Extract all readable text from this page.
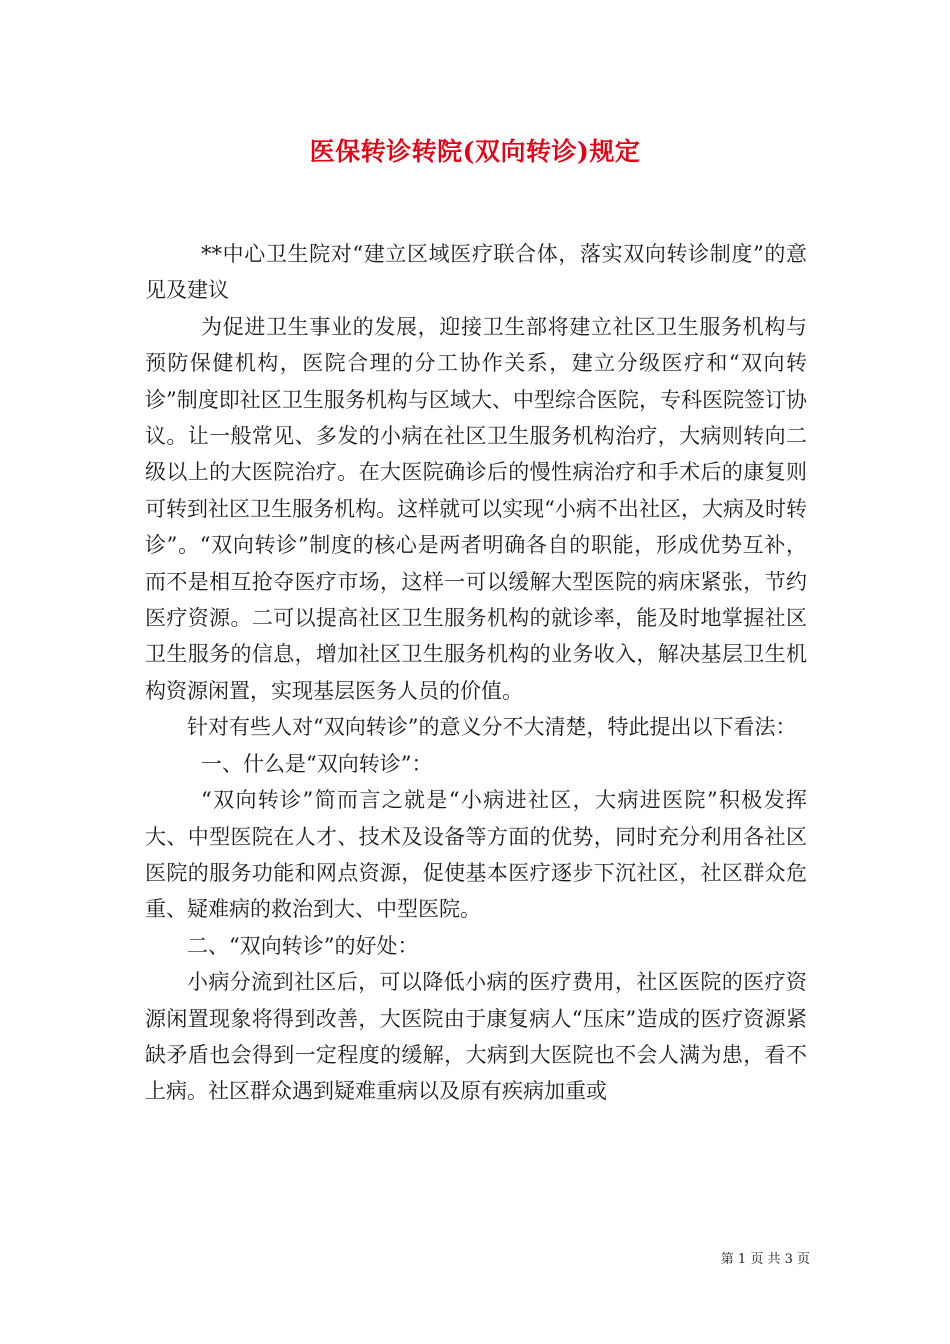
医保转诊转院(双向转诊)规定

**中心卫生院对“建立区域医疗联合体，落实双向转诊制度”的意见及建议

为促进卫生事业的发展，迎接卫生部将建立社区卫生服务机构与预防保健机构，医院合理的分工协作关系，建立分级医疗和“双向转诊”制度即社区卫生服务机构与区域大、中型综合医院，专科医院签订协议。让一般常见、多发的小病在社区卫生服务机构治疗，大病则转向二级以上的大医院治疗。在大医院确诊后的慢性病治疗和手术后的康复则可转到社区卫生服务机构。这样就可以实现“小病不出社区，大病及时转诊”。“双向转诊”制度的核心是两者明确各自的职能，形成优势互补，而不是相互抢夺医疗市场，这样一可以缓解大型医院的病床紧张，节约医疗资源。二可以提高社区卫生服务机构的就诊率，能及时地掌握社区卫生服务的信息，增加社区卫生服务机构的业务收入，解决基层卫生机构资源闲置，实现基层医务人员的价值。

针对有些人对“双向转诊”的意义分不大清楚，特此提出以下看法：

一、什么是“双向转诊”：

“双向转诊”简而言之就是“小病进社区，大病进医院”积极发挥大、中型医院在人才、技术及设备等方面的优势，同时充分利用各社区医院的服务功能和网点资源，促使基本医疗逐步下沉社区，社区群众危重、疑难病的救治到大、中型医院。

二、“双向转诊”的好处：

小病分流到社区后，可以降低小病的医疗费用，社区医院的医疗资源闲置现象将得到改善，大医院由于康复病人“压床”造成的医疗资源紧缺矛盾也会得到一定程度的缓解，大病到大医院也不会人满为患，看不上病。社区群众遇到疑难重病以及原有疾病加重或

第 1 页 共 3 页
